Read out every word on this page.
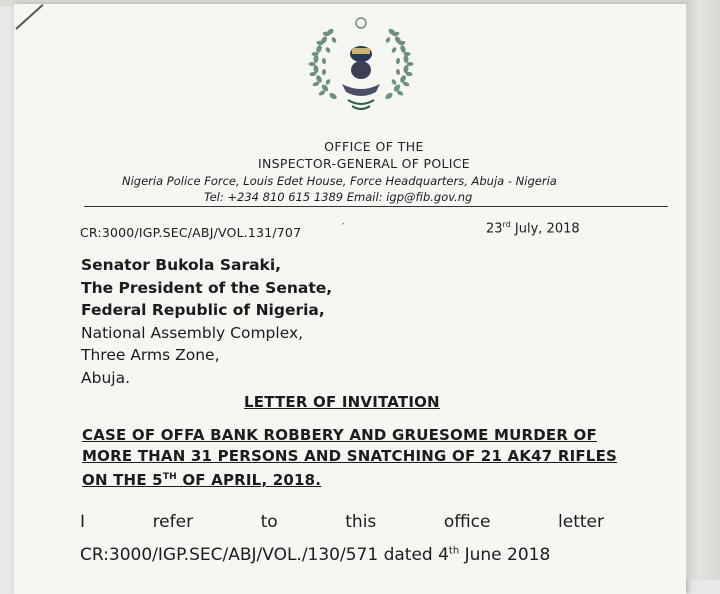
OFFICE OF THE
INSPECTOR-GENERAL OF POLICE
Nigeria Police Force, Louis Edet House, Force Headquarters, Abuja - Nigeria
Tel: +234 810 615 1389 Email: igp@fib.gov.ng
CR:3000/IGP.SEC/ABJ/VOL.131/707	′	23rd July, 2018
Senator Bukola Saraki,
The President of the Senate,
Federal Republic of Nigeria,
National Assembly Complex,
Three Arms Zone,
Abuja.
LETTER OF INVITATION
CASE OF OFFA BANK ROBBERY AND GRUESOME MURDER OF
MORE THAN 31 PERSONS AND SNATCHING OF 21 AK47 RIFLES
ON THE 5TH OF APRIL, 2018.
I	refer	to	this	office	letter
CR:3000/IGP.SEC/ABJ/VOL./130/571 dated 4th June 2018
